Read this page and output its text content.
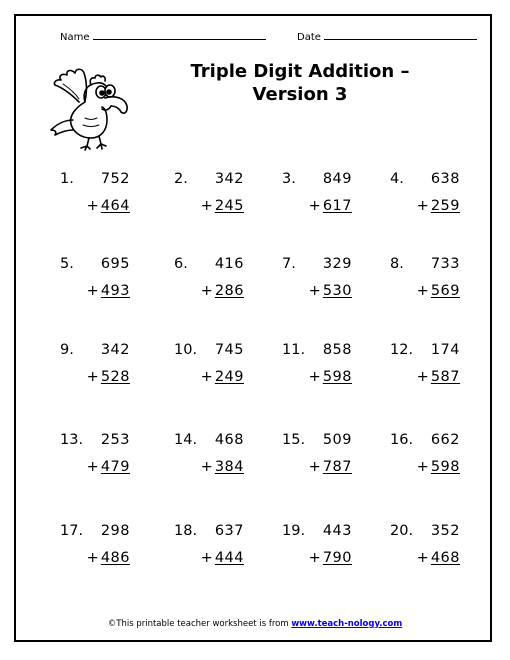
Name	Date
Triple Digit Addition –
Version 3
1. 752
+ 464
2. 342
+ 245
3. 849
+ 617
4. 638
+ 259
5. 695
+ 493
6. 416
+ 286
7. 329
+ 530
8. 733
+ 569
9. 342
+ 528
10. 745
+ 249
11. 858
+ 598
12. 174
+ 587
13. 253
+ 479
14. 468
+ 384
15. 509
+ 787
16. 662
+ 598
17. 298
+ 486
18. 637
+ 444
19. 443
+ 790
20. 352
+ 468
©This printable teacher worksheet is from www.teach-nology.com
